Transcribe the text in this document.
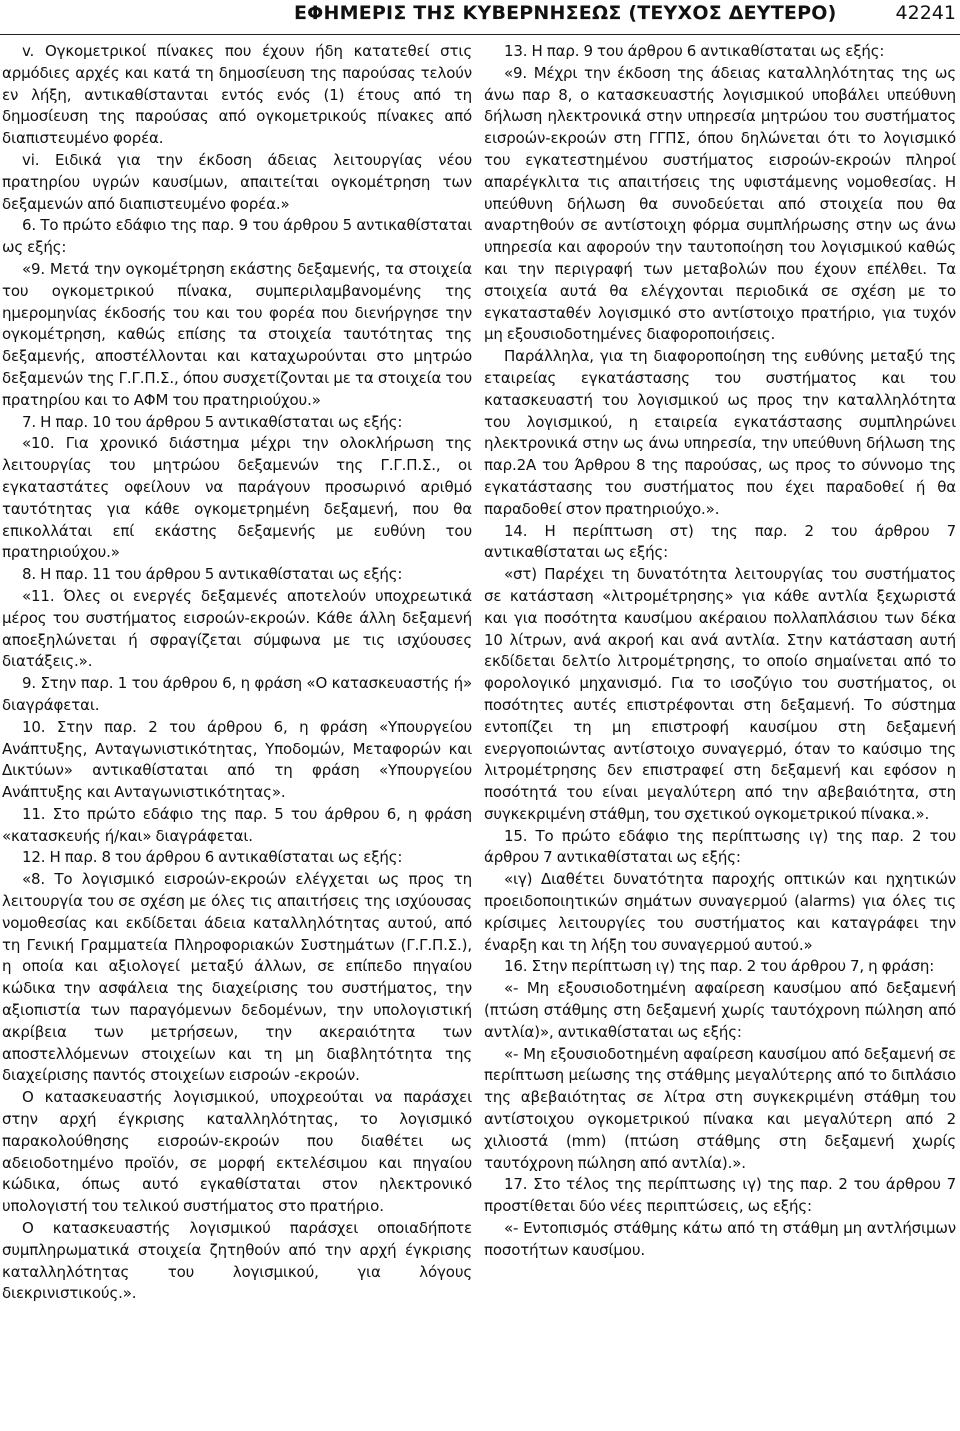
ΕΦΗΜΕΡΙΣ ΤΗΣ ΚΥΒΕΡΝΗΣΕΩΣ (ΤΕΥΧΟΣ ΔΕΥΤΕΡΟ)	42241

v. Ογκομετρικοί πίνακες που έχουν ήδη κατατεθεί στις αρμόδιες αρχές και κατά τη δημοσίευση της παρούσας τελούν εν λήξη, αντικαθίστανται εντός ενός (1) έτους από τη δημοσίευση της παρούσας από ογκομετρικούς πίνακες από διαπιστευμένο φορέα.

vi. Ειδικά για την έκδοση άδειας λειτουργίας νέου πρατηρίου υγρών καυσίμων, απαιτείται ογκομέτρηση των δεξαμενών από διαπιστευμένο φορέα.»

6. Το πρώτο εδάφιο της παρ. 9 του άρθρου 5 αντικαθίσταται ως εξής:

«9. Μετά την ογκομέτρηση εκάστης δεξαμενής, τα στοιχεία του ογκομετρικού πίνακα, συμπεριλαμβανομένης της ημερομηνίας έκδοσής του και του φορέα που διενήργησε την ογκομέτρηση, καθώς επίσης τα στοιχεία ταυτότητας της δεξαμενής, αποστέλλονται και καταχωρούνται στο μητρώο δεξαμενών της Γ.Γ.Π.Σ., όπου συσχετίζονται με τα στοιχεία του πρατηρίου και το ΑΦΜ του πρατηριούχου.»

7. Η παρ. 10 του άρθρου 5 αντικαθίσταται ως εξής:

«10. Για χρονικό διάστημα μέχρι την ολοκλήρωση της λειτουργίας του μητρώου δεξαμενών της Γ.Γ.Π.Σ., οι εγκαταστάτες οφείλουν να παράγουν προσωρινό αριθμό ταυτότητας για κάθε ογκομετρημένη δεξαμενή, που θα επικολλάται επί εκάστης δεξαμενής με ευθύνη του πρατηριούχου.»

8. Η παρ. 11 του άρθρου 5 αντικαθίσταται ως εξής:

«11. Όλες οι ενεργές δεξαμενές αποτελούν υποχρεωτικά μέρος του συστήματος εισροών-εκροών. Κάθε άλλη δεξαμενή αποεξηλώνεται ή σφραγίζεται σύμφωνα με τις ισχύουσες διατάξεις.».

9. Στην παρ. 1 του άρθρου 6, η φράση «Ο κατασκευαστής ή» διαγράφεται.

10. Στην παρ. 2 του άρθρου 6, η φράση «Υπουργείου Ανάπτυξης, Ανταγωνιστικότητας, Υποδομών, Μεταφορών και Δικτύων» αντικαθίσταται από τη φράση «Υπουργείου Ανάπτυξης και Ανταγωνιστικότητας».

11. Στο πρώτο εδάφιο της παρ. 5 του άρθρου 6, η φράση «κατασκευής ή/και» διαγράφεται.

12. Η παρ. 8 του άρθρου 6 αντικαθίσταται ως εξής:

«8. Το λογισμικό εισροών-εκροών ελέγχεται ως προς τη λειτουργία του σε σχέση με όλες τις απαιτήσεις της ισχύουσας νομοθεσίας και εκδίδεται άδεια καταλληλότητας αυτού, από τη Γενική Γραμματεία Πληροφοριακών Συστημάτων (Γ.Γ.Π.Σ.), η οποία και αξιολογεί μεταξύ άλλων, σε επίπεδο πηγαίου κώδικα την ασφάλεια της διαχείρισης του συστήματος, την αξιοπιστία των παραγόμενων δεδομένων, την υπολογιστική ακρίβεια των μετρήσεων, την ακεραιότητα των αποστελλόμενων στοιχείων και τη μη διαβλητότητα της διαχείρισης παντός στοιχείων εισροών -εκροών.

Ο κατασκευαστής λογισμικού, υποχρεούται να παράσχει στην αρχή έγκρισης καταλληλότητας, το λογισμικό παρακολούθησης εισροών-εκροών που διαθέτει ως αδειοδοτημένο προϊόν, σε μορφή εκτελέσιμου και πηγαίου κώδικα, όπως αυτό εγκαθίσταται στον ηλεκτρονικό υπολογιστή του τελικού συστήματος στο πρατήριο.

Ο κατασκευαστής λογισμικού παράσχει οποιαδήποτε συμπληρωματικά στοιχεία ζητηθούν από την αρχή έγκρισης καταλληλότητας του λογισμικού, για λόγους διεκρινιστικούς.».

13. Η παρ. 9 του άρθρου 6 αντικαθίσταται ως εξής:

«9. Μέχρι την έκδοση της άδειας καταλληλότητας της ως άνω παρ 8, ο κατασκευαστής λογισμικού υποβάλει υπεύθυνη δήλωση ηλεκτρονικά στην υπηρεσία μητρώου του συστήματος εισροών-εκροών στη ΓΓΠΣ, όπου δηλώνεται ότι το λογισμικό του εγκατεστημένου συστήματος εισροών-εκροών πληροί απαρέγκλιτα τις απαιτήσεις της υφιστάμενης νομοθεσίας. Η υπεύθυνη δήλωση θα συνοδεύεται από στοιχεία που θα αναρτηθούν σε αντίστοιχη φόρμα συμπλήρωσης στην ως άνω υπηρεσία και αφορούν την ταυτοποίηση του λογισμικού καθώς και την περιγραφή των μεταβολών που έχουν επέλθει. Τα στοιχεία αυτά θα ελέγχονται περιοδικά σε σχέση με το εγκατασταθέν λογισμικό στο αντίστοιχο πρατήριο, για τυχόν μη εξουσιοδοτημένες διαφοροποιήσεις.

Παράλληλα, για τη διαφοροποίηση της ευθύνης μεταξύ της εταιρείας εγκατάστασης του συστήματος και του κατασκευαστή του λογισμικού ως προς την καταλληλότητα του λογισμικού, η εταιρεία εγκατάστασης συμπληρώνει ηλεκτρονικά στην ως άνω υπηρεσία, την υπεύθυνη δήλωση της παρ.2Α του Άρθρου 8 της παρούσας, ως προς το σύννομο της εγκατάστασης του συστήματος που έχει παραδοθεί ή θα παραδοθεί στον πρατηριούχο.».

14. Η περίπτωση στ) της παρ. 2 του άρθρου 7 αντικαθίσταται ως εξής:

«στ) Παρέχει τη δυνατότητα λειτουργίας του συστήματος σε κατάσταση «λιτρομέτρησης» για κάθε αντλία ξεχωριστά και για ποσότητα καυσίμου ακέραιου πολλαπλάσιου των δέκα 10 λίτρων, ανά ακροή και ανά αντλία. Στην κατάσταση αυτή εκδίδεται δελτίο λιτρομέτρησης, το οποίο σημαίνεται από το φορολογικό μηχανισμό. Για το ισοζύγιο του συστήματος, οι ποσότητες αυτές επιστρέφονται στη δεξαμενή. Το σύστημα εντοπίζει τη μη επιστροφή καυσίμου στη δεξαμενή ενεργοποιώντας αντίστοιχο συναγερμό, όταν το καύσιμο της λιτρομέτρησης δεν επιστραφεί στη δεξαμενή και εφόσον η ποσότητά του είναι μεγαλύτερη από την αβεβαιότητα, στη συγκεκριμένη στάθμη, του σχετικού ογκομετρικού πίνακα.».

15. Το πρώτο εδάφιο της περίπτωσης ιγ) της παρ. 2 του άρθρου 7 αντικαθίσταται ως εξής:

«ιγ) Διαθέτει δυνατότητα παροχής οπτικών και ηχητικών προειδοποιητικών σημάτων συναγερμού (alarms) για όλες τις κρίσιμες λειτουργίες του συστήματος και καταγράφει την έναρξη και τη λήξη του συναγερμού αυτού.»

16. Στην περίπτωση ιγ) της παρ. 2 του άρθρου 7, η φράση:

«- Μη εξουσιοδοτημένη αφαίρεση καυσίμου από δεξαμενή (πτώση στάθμης στη δεξαμενή χωρίς ταυτόχρονη πώληση από αντλία)», αντικαθίσταται ως εξής:

«- Μη εξουσιοδοτημένη αφαίρεση καυσίμου από δεξαμενή σε περίπτωση μείωσης της στάθμης μεγαλύτερης από το διπλάσιο της αβεβαιότητας σε λίτρα στη συγκεκριμένη στάθμη του αντίστοιχου ογκομετρικού πίνακα και μεγαλύτερη από 2 χιλιοστά (mm) (πτώση στάθμης στη δεξαμενή χωρίς ταυτόχρονη πώληση από αντλία).».

17. Στο τέλος της περίπτωσης ιγ) της παρ. 2 του άρθρου 7 προστίθεται δύο νέες περιπτώσεις, ως εξής:

«- Εντοπισμός στάθμης κάτω από τη στάθμη μη αντλήσιμων ποσοτήτων καυσίμου.
